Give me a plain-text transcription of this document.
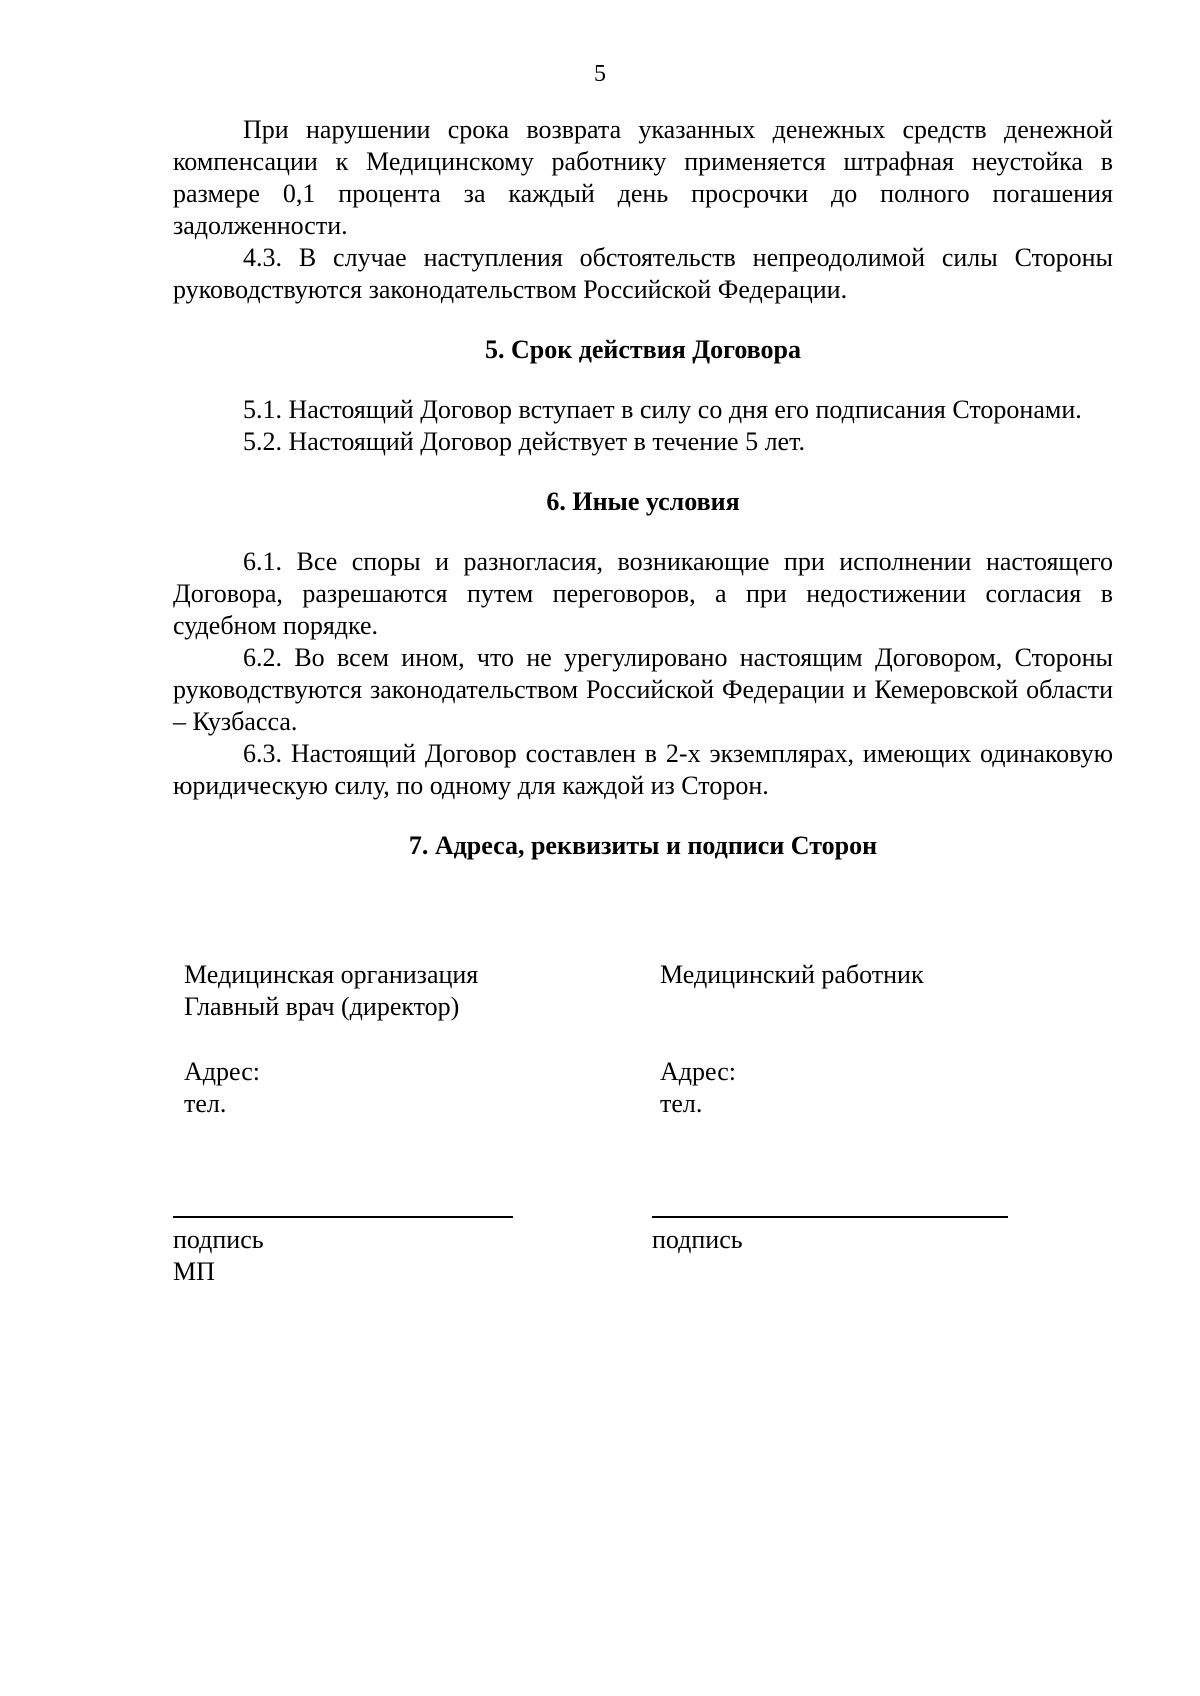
5

При нарушении срока возврата указанных денежных средств денежной компенсации к Медицинскому работнику применяется штрафная неустойка в размере 0,1 процента за каждый день просрочки до полного погашения задолженности.

4.3. В случае наступления обстоятельств непреодолимой силы Стороны руководствуются законодательством Российской Федерации.

5. Срок действия Договора

5.1. Настоящий Договор вступает в силу со дня его подписания Сторонами.

5.2. Настоящий Договор действует в течение 5 лет.

6. Иные условия

6.1. Все споры и разногласия, возникающие при исполнении настоящего Договора, разрешаются путем переговоров, а при недостижении согласия в судебном порядке.

6.2. Во всем ином, что не урегулировано настоящим Договором, Стороны руководствуются законодательством Российской Федерации и Кемеровской области – Кузбасса.

6.3. Настоящий Договор составлен в 2-х экземплярах, имеющих одинаковую юридическую силу, по одному для каждой из Сторон.

7. Адреса, реквизиты и подписи Сторон
Медицинская организация
Главный врач (директор)
Адрес:
тел.
Медицинский работник
Адрес:
тел.
подпись
МП
подпись
